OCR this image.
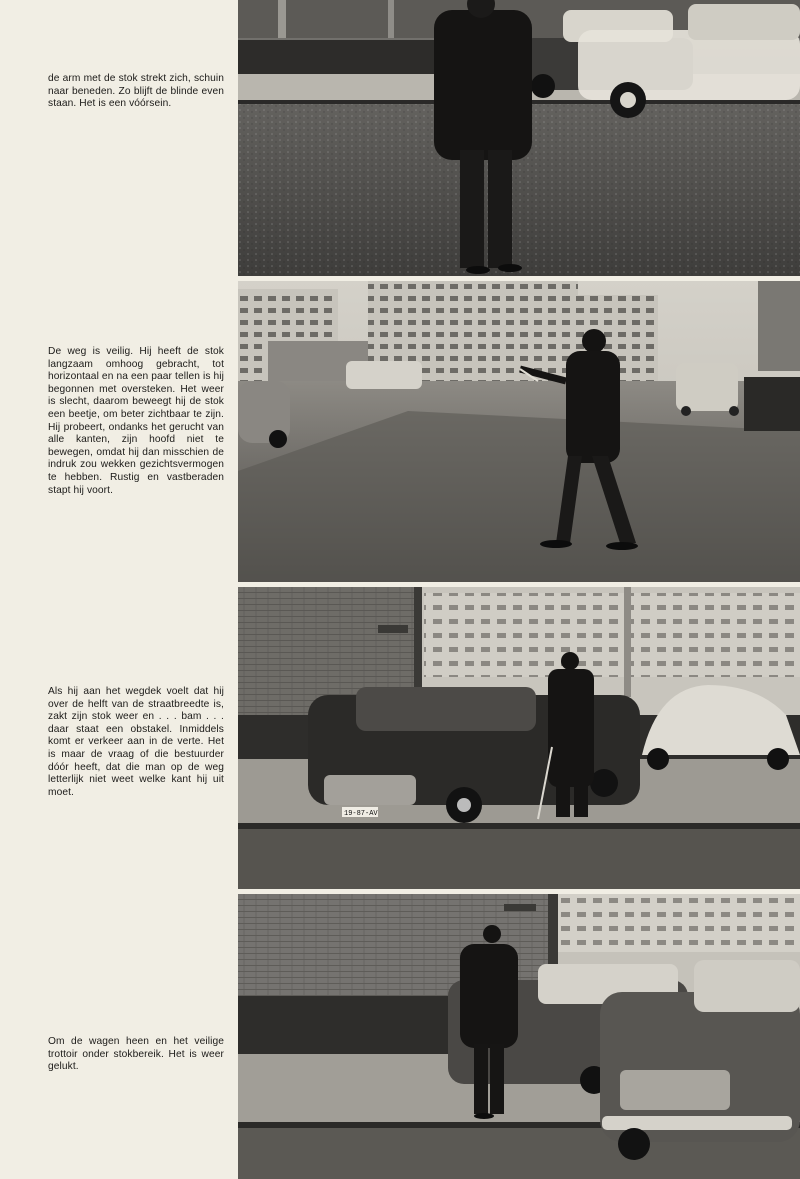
de arm met de stok strekt zich, schuin naar beneden. Zo blijft de blinde even staan. Het is een vóórsein.

De weg is veilig. Hij heeft de stok langzaam omhoog gebracht, tot horizontaal en na een paar tellen is hij begonnen met oversteken. Het weer is slecht, daarom beweegt hij de stok een beetje, om beter zichtbaar te zijn. Hij probeert, ondanks het gerucht van alle kanten, zijn hoofd niet te bewegen, omdat hij dan misschien de indruk zou wekken gezichtsvermogen te hebben. Rustig en vastberaden stapt hij voort.

Als hij aan het wegdek voelt dat hij over de helft van de straatbreedte is, zakt zijn stok weer en . . . bam . . . daar staat een obstakel. Inmiddels komt er verkeer aan in de verte. Het is maar de vraag of die bestuurder dóór heeft, dat die man op de weg letterlijk niet weet welke kant hij uit moet.

Om de wagen heen en het veilige trottoir onder stokbereik. Het is weer gelukt.

19-87-AV
